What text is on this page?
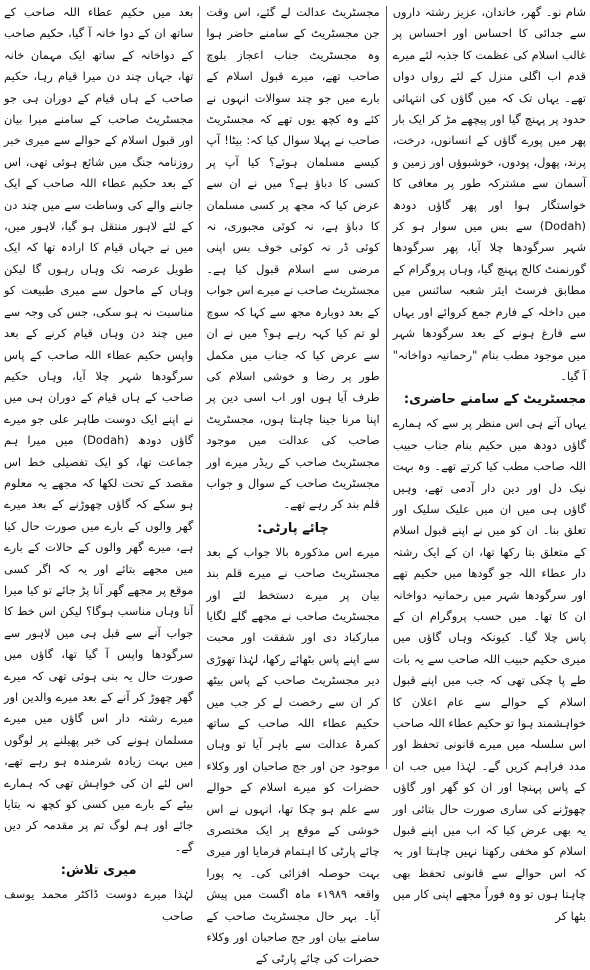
شام نو۔ گھر، خاندان، عزیز رشتہ داروں سے جدائی کا احساس اور احساس پر غالب اسلام کی عظمت کا جذبہ لئے میرے قدم اب اگلی منزل کے لئے رواں دواں تھے۔ یہاں تک کہ میں گاؤں کی انتہائی حدود پر پہنچ گیا اور پیچھے مڑ کر ایک بار پھر میں پورے گاؤں کے انسانوں، درخت، پرند، پھول، پودوں، خوشبوؤں اور زمین و آسمان سے مشترکہ طور پر معافی کا خواستگار ہوا اور پھر گاؤں دودھ (Dodah) سے بس میں سوار ہو کر شہر سرگودھا چلا آیا، پھر سرگودھا گورنمنٹ کالج پہنچ گیا، وہاں پروگرام کے مطابق فرسٹ ایئر شعبہ سائنس میں میں داخلہ کے فارم جمع کروائے اور یہاں سے فارغ ہونے کے بعد سرگودھا شہر میں موجود مطب بنام "رحمانیہ دواخانہ" آ گیا۔

مجسٹریٹ کے سامنے حاضری:

یہاں آتے ہی اس منظر پر سے کہ ہمارے گاؤں دودھ میں حکیم بنام جناب حبیب اللہ صاحب مطب کیا کرتے تھے۔ وہ بہت نیک دل اور دین دار آدمی تھے، وہیں گاؤں ہی میں ان میں علیک سلیک اور تعلق بنا۔ ان کو میں نے اپنے قبول اسلام کے متعلق بتا رکھا تھا، ان کے ایک رشتہ دار عطاء اللہ جو گودھا میں حکیم تھے اور سرگودھا شہر میں رحمانیہ دواخانہ ان کا تھا۔ میں حسب پروگرام ان کے پاس چلا گیا۔ کیونکہ وہاں گاؤں میں میری حکیم حبیب اللہ صاحب سے یہ بات طے پا چکی تھی کہ جب میں اپنے قبول اسلام کے حوالے سے عام اعلان کا خواہشمند ہوا تو حکیم عطاء اللہ صاحب اس سلسلہ میں میرے قانونی تحفظ اور مدد فراہم کریں گے۔ لہٰذا میں جب ان کے پاس پہنچا اور ان کو گھر اور گاؤں چھوڑنے کی ساری صورت حال بتائی اور یہ بھی عرض کیا کہ اب میں اپنے قبول اسلام کو مخفی رکھنا نہیں چاہتا اور یہ کہ اس حوالے سے قانونی تحفظ بھی چاہتا ہوں تو وہ فوراً مجھے اپنی کار میں بٹھا کر

مجسٹریٹ عدالت لے گئے، اس وقت جن مجسٹریٹ کے سامنے حاضر ہوا وہ مجسٹریٹ جناب اعجاز بلوچ صاحب تھے، میرے قبول اسلام کے بارے میں جو چند سوالات انہوں نے کئے وہ کچھ یوں تھے کہ مجسٹریٹ صاحب نے پہلا سوال کیا کہ: بیٹا! آپ کیسے مسلمان ہوئے؟ کیا آپ پر کسی کا دباؤ ہے؟ میں نے ان سے عرض کیا کہ مجھ پر کسی مسلمان کا دباؤ ہے، نہ کوئی مجبوری، نہ کوئی ڈر نہ کوئی خوف بس اپنی مرضی سے اسلام قبول کیا ہے۔ مجسٹریٹ صاحب نے میرے اس جواب کے بعد دوبارہ مجھ سے کہا کہ سوچ لو تم کیا کہہ رہے ہو؟ میں نے ان سے عرض کیا کہ جناب میں مکمل طور پر رضا و خوشی اسلام کی طرف آیا ہوں اور اب اسی دین پر اپنا مرنا جینا چاہتا ہوں، مجسٹریٹ صاحب کی عدالت میں موجود مجسٹریٹ صاحب کے ریڈر میرے اور مجسٹریٹ صاحب کے سوال و جواب قلم بند کر رہے تھے۔

چائے پارٹی:

میرے اس مذکورہ بالا جواب کے بعد مجسٹریٹ صاحب نے میرے قلم بند بیان پر میرے دستخط لئے اور مجسٹریٹ صاحب نے مجھے گلے لگایا مبارکباد دی اور شفقت اور محبت سے اپنے پاس بٹھائے رکھا، لہٰذا تھوڑی دیر مجسٹریٹ صاحب کے پاس بیٹھ کر ان سے رخصت لے کر جب میں حکیم عطاء اللہ صاحب کے ساتھ کمرۂ عدالت سے باہر آیا تو وہاں موجود جن اور جج صاحبان اور وکلاء حضرات کو میرے اسلام کے حوالے سے علم ہو چکا تھا، انہوں نے اس خوشی کے موقع پر ایک مختصری چائے پارٹی کا اہتمام فرمایا اور میری بہت حوصلہ افزائی کی۔ یہ پورا واقعہ ۱۹۸۹ء ماہ اگست میں پیش آیا۔ بہر حال مجسٹریٹ صاحب کے سامنے بیان اور جج صاحبان اور وکلاء حضرات کی چائے پارٹی کے

بعد میں حکیم عطاء اللہ صاحب کے ساتھ ان کے دوا خانہ آ گیا، حکیم صاحب کے دواخانہ کے ساتھ ایک مہمان خانہ تھا، جہاں چند دن میرا قیام رہا، حکیم صاحب کے ہاں قیام کے دوران ہی جو مجسٹریٹ صاحب کے سامنے میرا بیان اور قبول اسلام کے حوالے سے میری خبر روزنامہ جنگ میں شائع ہوئی تھی، اس کے بعد حکیم عطاء اللہ صاحب کے ایک جاننے والے کی وساطت سے میں چند دن کے لئے لاہور منتقل ہو گیا، لاہور میں، میں نے جہاں قیام کا ارادہ تھا کہ ایک طویل عرصہ تک وہاں رہوں گا لیکن وہاں کے ماحول سے میری طبیعت کو مناسبت نہ ہو سکی، جس کی وجہ سے میں چند دن وہاں قیام کرنے کے بعد واپس حکیم عطاء اللہ صاحب کے پاس سرگودھا شہر چلا آیا، وہاں حکیم صاحب کے ہاں قیام کے دوران ہی میں نے اپنے ایک دوست طاہر علی جو میرے گاؤں دودھ (Dodah) میں میرا ہم جماعت تھا، کو ایک تفصیلی خط اس مقصد کے تحت لکھا کہ مجھے یہ معلوم ہو سکے کہ گاؤں چھوڑنے کے بعد میرے گھر والوں کے بارے میں صورت حال کیا ہے، میرے گھر والوں کے حالات کے بارے میں مجھے بتائے اور یہ کہ اگر کسی موقع پر مجھے گھر آنا پڑ جائے تو کیا میرا آنا وہاں مناسب ہوگا؟ لیکن اس خط کا جواب آنے سے قبل ہی میں لاہور سے سرگودھا واپس آ گیا تھا، گاؤں میں صورت حال یہ بنی ہوئی تھی کہ میرے گھر چھوڑ کر آنے کے بعد میرے والدین اور میرے رشتہ دار اس گاؤں میں میرے مسلمان ہونے کی خبر پھیلنے پر لوگوں میں بہت زیادہ شرمندہ ہو رہے تھے، اس لئے ان کی خواہش تھی کہ ہمارے بیٹے کے بارے میں کسی کو کچھ نہ بتایا جائے اور ہم لوگ تم پر مقدمہ کر دیں گے۔

میری تلاش:

لہٰذا میرے دوست ڈاکٹر محمد یوسف صاحب
